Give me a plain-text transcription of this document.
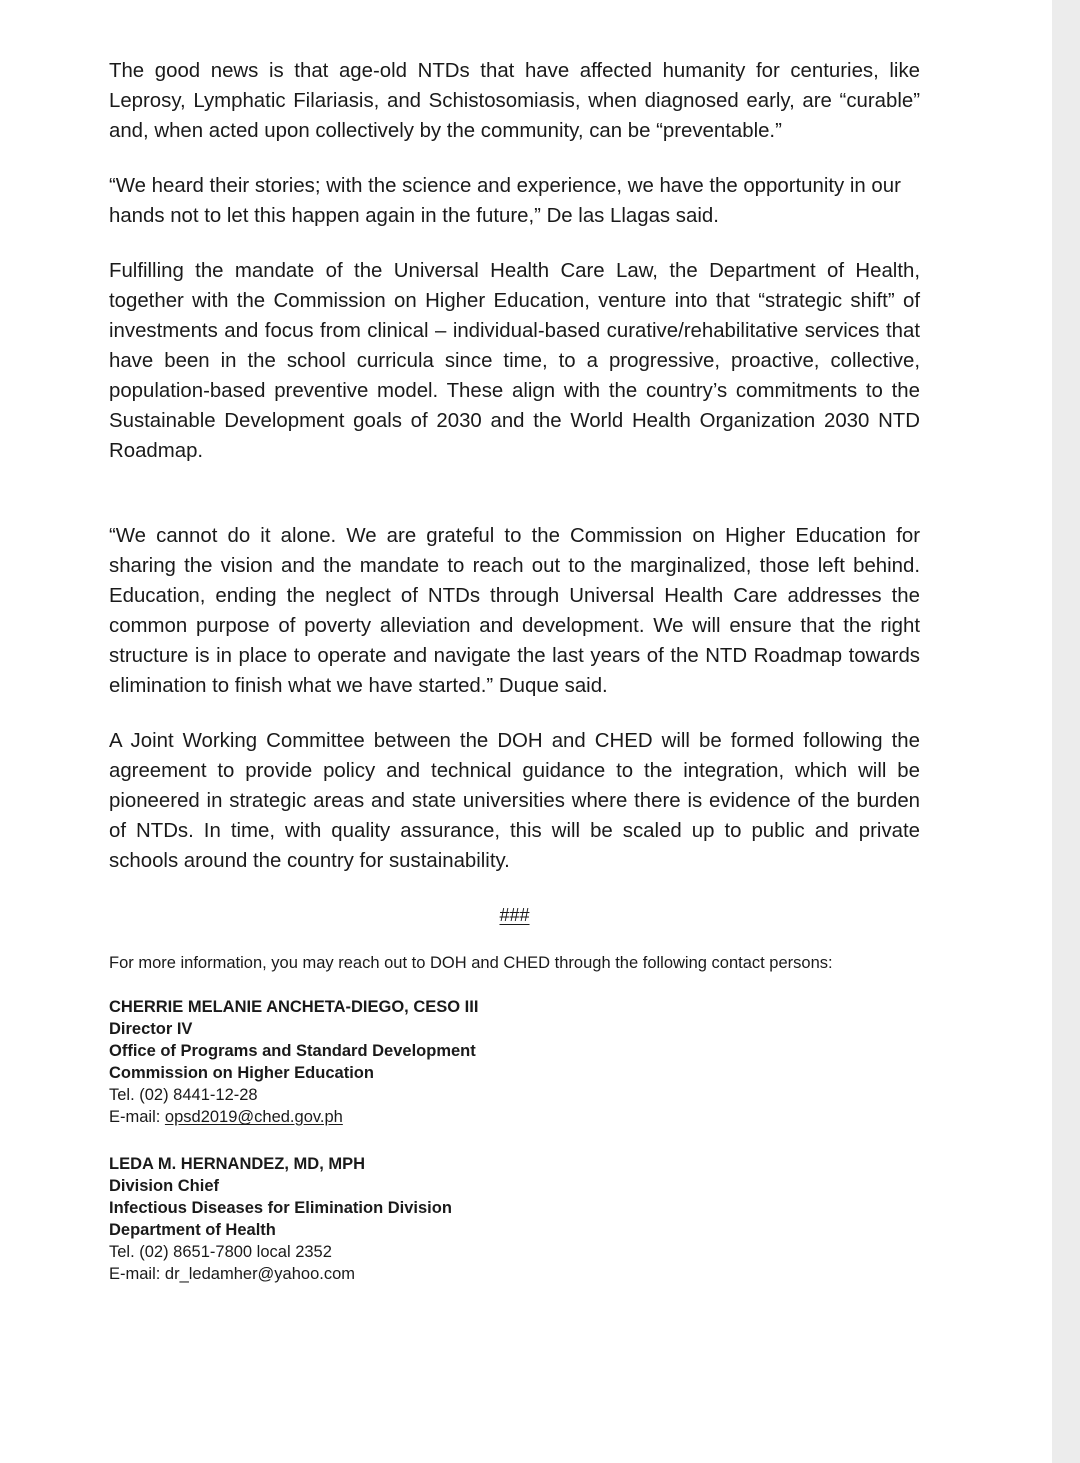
The good news is that age-old NTDs that have affected humanity for centuries, like Leprosy, Lymphatic Filariasis, and Schistosomiasis, when diagnosed early, are “curable” and, when acted upon collectively by the community, can be “preventable.”

“We heard their stories; with the science and experience, we have the opportunity in our hands not to let this happen again in the future,” De las Llagas said.

Fulfilling the mandate of the Universal Health Care Law, the Department of Health, together with the Commission on Higher Education, venture into that “strategic shift” of investments and focus from clinical – individual-based curative/rehabilitative services that have been in the school curricula since time, to a progressive, proactive, collective, population-based preventive model. These align with the country’s commitments to the Sustainable Development goals of 2030 and the World Health Organization 2030 NTD Roadmap.

“We cannot do it alone. We are grateful to the Commission on Higher Education for sharing the vision and the mandate to reach out to the marginalized, those left behind. Education, ending the neglect of NTDs through Universal Health Care addresses the common purpose of poverty alleviation and development. We will ensure that the right structure is in place to operate and navigate the last years of the NTD Roadmap towards elimination to finish what we have started.” Duque said.

A Joint Working Committee between the DOH and CHED will be formed following the agreement to provide policy and technical guidance to the integration, which will be pioneered in strategic areas and state universities where there is evidence of the burden of NTDs. In time, with quality assurance, this will be scaled up to public and private schools around the country for sustainability.

###

For more information, you may reach out to DOH and CHED through the following contact persons:

CHERRIE MELANIE ANCHETA-DIEGO, CESO III
Director IV
Office of Programs and Standard Development
Commission on Higher Education
Tel. (02) 8441-12-28
E-mail: opsd2019@ched.gov.ph
LEDA M. HERNANDEZ, MD, MPH
Division Chief
Infectious Diseases for Elimination Division
Department of Health
Tel. (02) 8651-7800 local 2352
E-mail: dr_ledamher@yahoo.com
